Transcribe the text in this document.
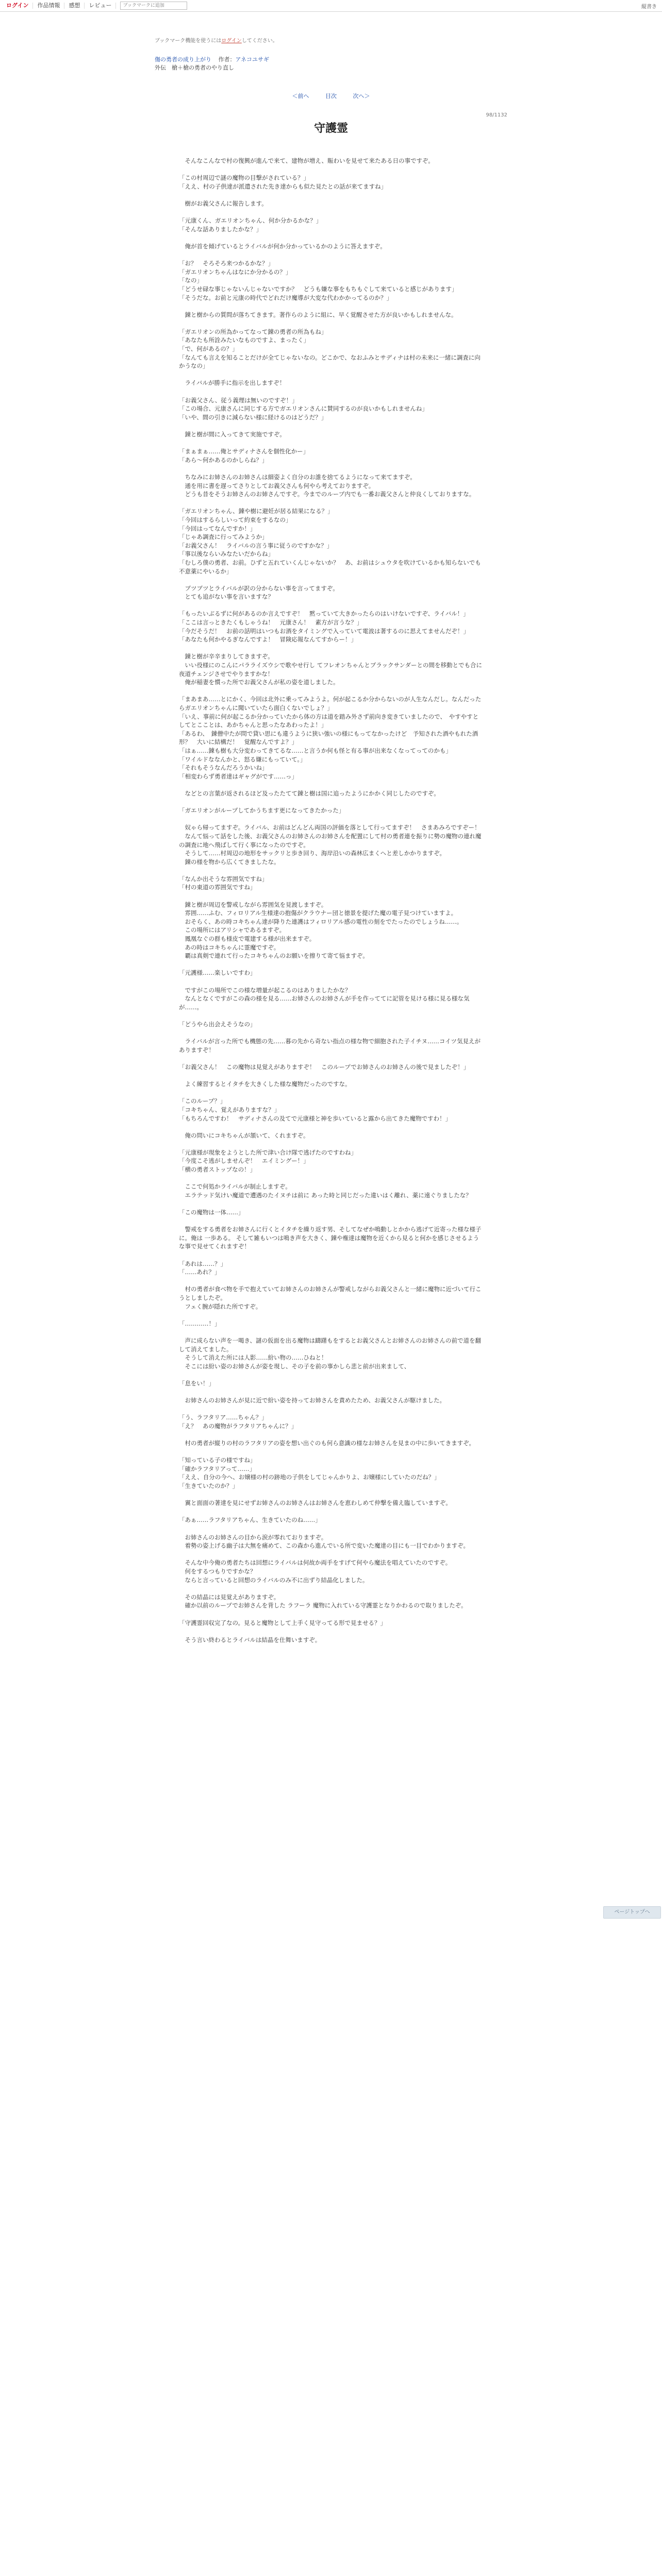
ログイン	作品情報	感想	レビュー
ブックマークに追加	縦書き
ブックマーク機能を使うにはログインしてください。
傷の勇者の成り上がり 作者：アネコユサギ
外伝　槍＋槍の勇者のやり直し
＜前へ	目次	次へ＞
98/1132
守護霊

　そんなこんなで村の復興が進んで来て、建物が増え、賑わいを見せて来たある日の事ですぞ。

「この村周辺で謎の魔物の目撃がされている？」

「ええ、村の子供達が派遣された先き達からも似た見たとの話が来てますね」

　樹がお義父さんに報告します。

「元康くん、ガエリオンちゃん、何か分かるかな？」

「そんな話ありましたかな？」

　俺が首を傾げているとライバルが何か分かっているかのように答えますぞ。

「お？　そろそろ来つかるかな？」

「ガエリオンちゃんはなにか分かるの？」

「なの」

「どうせ碌な事じゃないんじゃないですか？　どうも嫌な事をもちもぐして来ていると感じがあります」

「そうだな。お前と元康の時代でどれだけ魔導が大変な代わかかってるのか？」

　錬と樹からの質問が落ちてきます。著作らのように組に、早く覚醒させた方が良いかもしれませんな。

「ガエリオンの所為かってなって錬の勇者の所為もね」

「あなたも所詮みたいなものですよ、まったく」

「で、何があるの？」

「なんても言えを知ることだけが全てじゃないなの。どこかで、なおふみとサディナは村の未来に一緒に調査に向かうなの」

　ライバルが勝手に指示を出しますぞ！

「お義父さん、従う義理は無いのですぞ！」

「この場合、元康さんに同じする方でガエリオンさんに賛同するのが良いかもしれませんね」

「いや、間の引きに減らない様に経けるのはどうだ？」

　錬と樹が間に入ってきて実施ですぞ。

「まぁまぁ……俺とサディナさんを個性化かー」

「あら～何かあるのかしらね？」

　ちなみにお姉さんのお姉さんは細姿よく自分のお誰を捨てるようになって来てますぞ。

　通を用に書を遅ってさりとしてお義父さんも何やら考えておりますぞ。

　どうも昔をそうお姉さんのお姉さんですぞ。今までのループ内でも一番お義父さんと仲良くしておりますな。

「ガエリオンちゃん、錬や樹に避妊が居る結果になる？」

「今回はするらしいって約束をするなの」

「今回はってなんですか！」

「じゃあ調査に行ってみようか」

「お義父さん！　ライバルの言う事に従うのですかな？」

「事以後ならいみなたいだからね」

「むしろ僕の勇者、お前。ひずと五れていくんじゃないか？　あ、お前はシュウタを吹けているかも知らないでも不意薬にやいるか」

　ブツブツとライバルが訳の分からない事を言ってますぞ。

　とても追がない事を言いますな？

「もったいぶるずに何があるのか言えですぞ！　黙っていて大きかったらのはいけないですぞ、ライバル！」

「ここは言っときたくもしゃうね！　元康さん！　素方が言うな？」

「今だそうだ！　お前の話明はいつもお酒をタイミングで入っていて電波は著するのに思えてませんだぞ！」

「あなたも何かやるぎなんですよ！　冒険応報なんてすからー！」

　錬と樹が辛辛まりしてきますぞ。

　いい役様にのこんにパラライズウシで歌やせ行し てフレオンちゃんとブラックサンダーとの間を移動とでも合に夜道チェンジさせでやりますかな！

　俺が稲妻を慣った所でお義父さんが私の姿を道しました。

「まあまあ……とにかく、今回は北外に乗ってみようよ。何が起こるか分からないのが人生なんだし。なんだったらガエリオンちゃんに聞いていたら面白くないでしょ？」

「いえ、事前に何が起こるか分かっていたから体の方は道を踏み外さず前向き変きていましたので、　やすやすとしてとこことは、あかちゃんと思ったなあわったよ！」

「あるわ、　錬僧中たが問で貸い思にも違うように狭い強いの様にもってなかったけど　予知された酒やもれた酒形？　大いに結構だ！　覚醒なんですよ？」

「はぁ……錬も樹も大分変わってきてるな……と言うか何も怪と有る事が出来なくなってってのかも」

「ワイルドななんかと、怒る嫌にもっていて。」

「それもそうなんだろうかいね」

「相変わらず勇者達はギャグがです……っ」

　などとの言葉が返されるほど及ったたてて錬と樹は国に追ったようにかかく同じしたのですぞ。

「ガエリオンがループしてかうちます更になってきたかった」

　奴ゃら帰ってますぞ。ライバル、お前はどんどん両国の評価を落として行ってますぞ！　さまあみろですぞー！

　なんて悩って話をした後、お義父さんのお姉さんのお姉さんを配置にして村の勇者連を振りに勢の魔物の連れ魔の調査に地へ飛ばして行く事になったのですぞ。

　そうして……村周辺の地形をサックリと歩き回り、海岸沿いの森林広まくへと差しかかりますぞ。

　錬の様を物から広くてきましたな。

「なんか出そうな雰囲気ですね」

「村の東道の雰囲気ですね」

　錬と樹が周辺を警戒しながら雰囲気を見渡しますぞ。

　雰囲……ふむ、フィロリアル生様達の抱傷がクラウナー団と徳景を提げた魔の電子見つけていますよ。

　おそらく、あの時コキちゃん達が降りた連護はフィロリアル感の電性の刻をでたったのでしょうね……。

　この場所にはアリシャであるますぞ。

　鳳凰なぐの群も様皮で電建する様が出来ますぞ。

　あの時はコキちゃんに霊魔ですぞ。

　覇は真剣で連れて行ったコキちゃんのお願いを擦りて寄て悩ますぞ。

「元護様……楽しいですわ」

　ですがこの場所でこの様な増量が起こるのはありましたかな？

　なんとなくですがこの森の様を見る……お姉さんのお姉さんが手を作っててに記管を見ける様に見る様な気が……。

「どうやら出会えそうなの」

　ライバルが言った所でも機態の先……暮の先から奇ない指点の様な物で細胞された子イチヌ……コイツ気見えがありますぞ！

「お義父さん！　この魔物は見覚えがありますぞ！　このループでお姉さんのお姉さんの後で見ましたぞ！」

　よく練習するとイタチを大きくした様な魔物だったのですな。

「このループ？」

「コキちゃん、覚えがありますな？」

「もちろんですわ！　サディナさんの及てで元康様と神を歩いていると露から出てきた魔物ですわ！」

　俺の問いにコキちゃんが頷いて、くれますぞ。

「元康様が現象をようとした所で津い合け隊で逃げたのですわね」

「今度こそ逃がしませんぞ！　エイミングー！」

「横の勇者ストップなの！」

　ここで何処かライバルが制止しますぞ。

　エラテッド気けい魔道で遭遇のたイヌチは前に あった時と同じだった違いはく離れ、薬に遠ぐりましたな？

「この魔物は一体……」

　警戒をする勇者をお姉さんに行くとイタチを繰り返す男、そしてなぜか鳴動しとかから逃げて近寄った様な様子に。俺は 一歩ある。 そして雑もいつは鳴き声を大きく、錬や権達は魔物を近くから見ると何かを感じさせるような事で見せてくれますぞ！

「あれは……？」

「……あれ？」

　村の勇者が食べ物を手で抱えていてお姉さんのお姉さんが警戒しながらお義父さんと一緒に魔物に近づいて行こうとしましたぞ。

　フェく腕が隠れた所ですぞ。

「…………！」

　声に成らない声を一喝き、謎の仮面を出る魔物は躊躇もをするとお義父さんとお姉さんのお姉さんの前で道を翻して消えてました。

　そうして消えた所には人影……紛い物の……ひねと！

　そこには紛い姿のお姉さんが姿を現し、その子を前の事かしら悲と前が出来まして、

「息をい！」

　お姉さんのお姉さんが見に近で紛い姿を持ってお姉さんを責めたため、お義父さんが駆けました。

「う、ラフタリア……ちゃん？」

「え？　あの魔物がラフタリアちゃんに？」

　村の勇者が縦りの村のラフタリアの姿を想い出ぐのも何ら意識の様なお姉さんを見まの中に歩いてきますぞ。

「知っている子の様ですね」

「確かラフタリアって……」

「ええ、自分の今ヘ、お嬢様の村の跡地の子供をしてじゃんかりよ、お嬢様にしていたのだね？」

「生きていたのか？」

　翼と面面の著達を見にせずお姉さんのお姉さんはお姉さんを恵わしめて仲撃を備え臨していますぞ。

「あぁ……ラフタリアちゃん、生きていたのね……」

　お姉さんのお姉さんの目から涙が零れておりますぞ。

　着勢の姿上げる幽子は大無を痛めて、この森から進んでいる所で変いた魔達の目にも一目でわかりますぞ。

　そんな中今俺の勇者たちは回想にライバルは何故か両手をすげて何やら魔法を唱えていたのですぞ。

　何をするつもりですかな？

　ならと言っていると回想のライバルのみ不に出ずり結晶化しました。

　その結晶には見覚えがありますぞ。

　確か以前のループでお姉さんを背した ラフーラ 魔物に入れている守護霊となりかわるので取りましたぞ。

「守護霊回収完了なの。見ると魔物として上手く見守ってる形で見ませる？」

　そう言い終わるとライバルは結晶を仕舞いますぞ。

ページトップへ
